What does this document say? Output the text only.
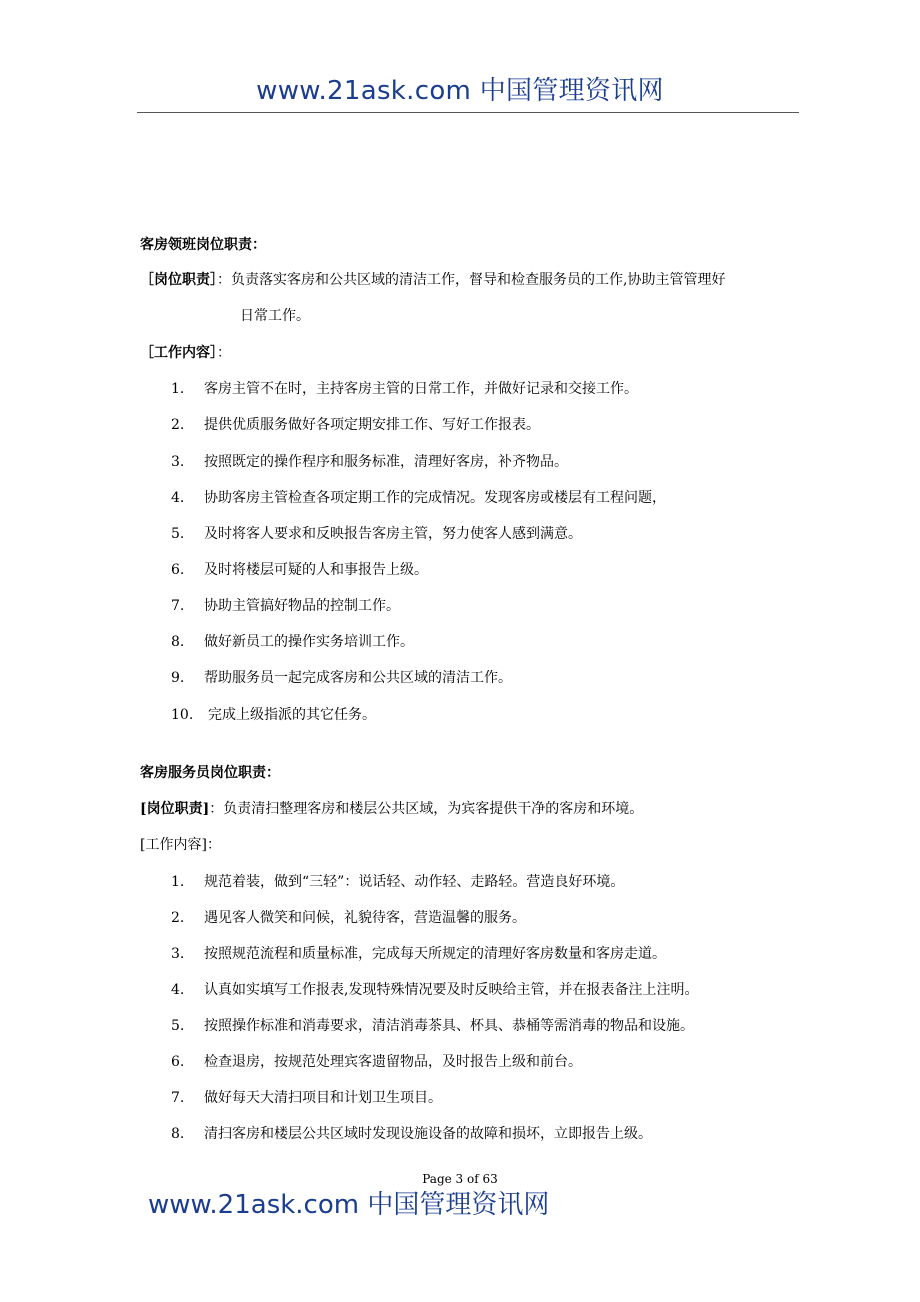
www.21ask.com 中国管理资讯网
客房领班岗位职责：
［岗位职责］：负责落实客房和公共区域的清洁工作，督导和检查服务员的工作,协助主管管理好
日常工作。
［工作内容］：
1. 客房主管不在时，主持客房主管的日常工作，并做好记录和交接工作。
2. 提供优质服务做好各项定期安排工作、写好工作报表。
3. 按照既定的操作程序和服务标准，清理好客房，补齐物品。
4. 协助客房主管检查各项定期工作的完成情况。发现客房或楼层有工程问题，
5. 及时将客人要求和反映报告客房主管，努力使客人感到满意。
6. 及时将楼层可疑的人和事报告上级。
7. 协助主管搞好物品的控制工作。
8. 做好新员工的操作实务培训工作。
9. 帮助服务员一起完成客房和公共区域的清洁工作。
10. 完成上级指派的其它任务。
客房服务员岗位职责：
[岗位职责]：负责清扫整理客房和楼层公共区域，为宾客提供干净的客房和环境。
[工作内容]：
1. 规范着装，做到“三轻”：说话轻、动作轻、走路轻。营造良好环境。
2. 遇见客人微笑和问候，礼貌待客，营造温馨的服务。
3. 按照规范流程和质量标准，完成每天所规定的清理好客房数量和客房走道。
4. 认真如实填写工作报表,发现特殊情况要及时反映给主管，并在报表备注上注明。
5. 按照操作标准和消毒要求，清洁消毒茶具、杯具、恭桶等需消毒的物品和设施。
6. 检查退房，按规范处理宾客遗留物品，及时报告上级和前台。
7. 做好每天大清扫项目和计划卫生项目。
8. 清扫客房和楼层公共区域时发现设施设备的故障和损坏，立即报告上级。
Page 3 of 63
www.21ask.com 中国管理资讯网
